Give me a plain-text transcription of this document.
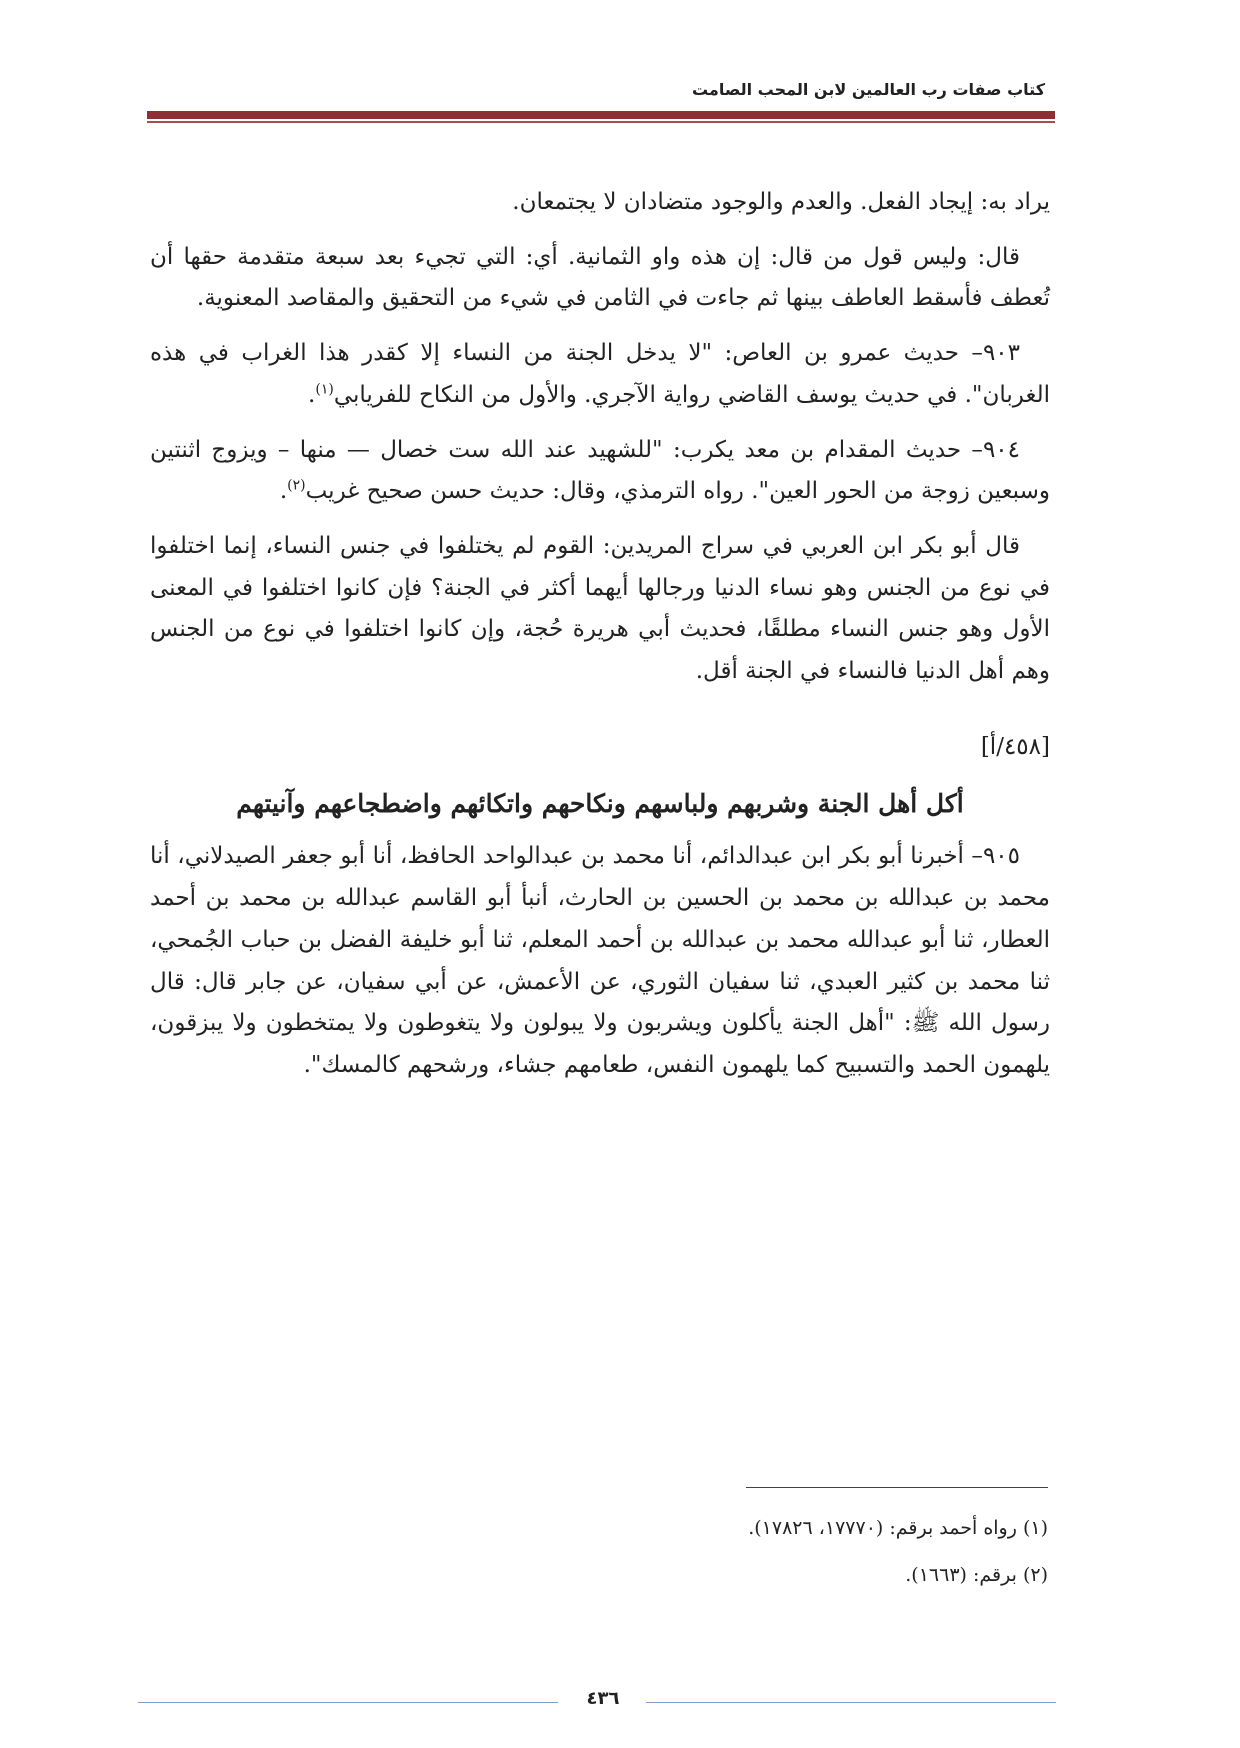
كتاب صفات رب العالمين لابن المحب الصامت

يراد به: إيجاد الفعل. والعدم والوجود متضادان لا يجتمعان.

قال: وليس قول من قال: إن هذه واو الثمانية. أي: التي تجيء بعد سبعة متقدمة حقها أن تُعطف فأسقط العاطف بينها ثم جاءت في الثامن في شيء من التحقيق والمقاصد المعنوية.

٩٠٣– حديث عمرو بن العاص: "لا يدخل الجنة من النساء إلا كقدر هذا الغراب في هذه الغربان". في حديث يوسف القاضي رواية الآجري. والأول من النكاح للفريابي$^{(١)}$.

٩٠٤– حديث المقدام بن معد يكرب: "للشهيد عند الله ست خصال — منها – ويزوج اثنتين وسبعين زوجة من الحور العين". رواه الترمذي، وقال: حديث حسن صحيح غريب$^{(٢)}$.

قال أبو بكر ابن العربي في سراج المريدين: القوم لم يختلفوا في جنس النساء، إنما اختلفوا في نوع من الجنس وهو نساء الدنيا ورجالها أيهما أكثر في الجنة؟ فإن كانوا اختلفوا في المعنى الأول وهو جنس النساء مطلقًا، فحديث أبي هريرة حُجة، وإن كانوا اختلفوا في نوع من الجنس وهم أهل الدنيا فالنساء في الجنة أقل.

[٤٥٨/أ]
أكل أهل الجنة وشربهم ولباسهم ونكاحهم واتكائهم واضطجاعهم وآنيتهم

٩٠٥– أخبرنا أبو بكر ابن عبدالدائم، أنا محمد بن عبدالواحد الحافظ، أنا أبو جعفر الصيدلاني، أنا محمد بن عبدالله بن محمد بن الحسين بن الحارث، أنبأ أبو القاسم عبدالله بن محمد بن أحمد العطار، ثنا أبو عبدالله محمد بن عبدالله بن أحمد المعلم، ثنا أبو خليفة الفضل بن حباب الجُمحي، ثنا محمد بن كثير العبدي، ثنا سفيان الثوري، عن الأعمش، عن أبي سفيان، عن جابر قال: قال رسول الله ﷺ: "أهل الجنة يأكلون ويشربون ولا يبولون ولا يتغوطون ولا يمتخطون ولا يبزقون، يلهمون الحمد والتسبيح كما يلهمون النفس، طعامهم جشاء، ورشحهم كالمسك".

(١) رواه أحمد برقم: (١٧٧٧٠، ١٧٨٢٦).
(٢) برقم: (١٦٦٣).
٤٣٦
